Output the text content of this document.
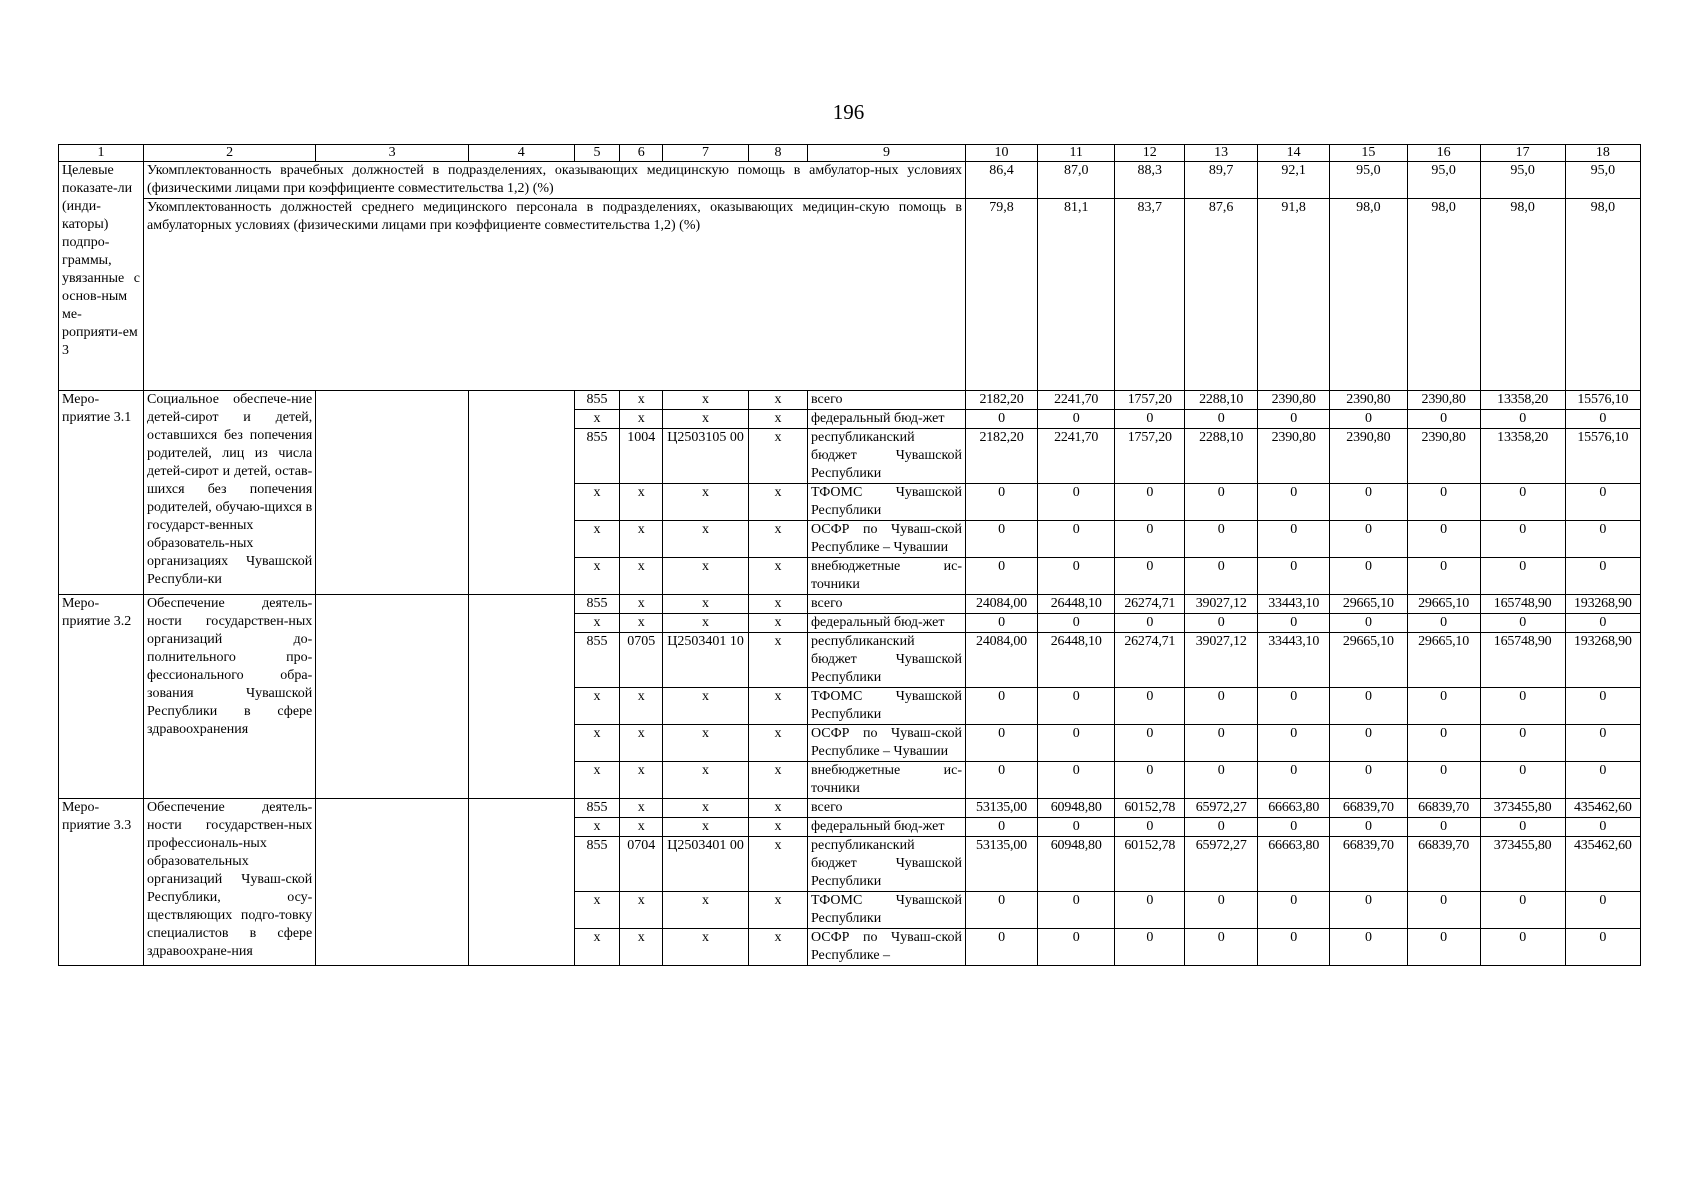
196
1	2	3	4	5	6	7	8	9	10	11	12	13	14	15	16	17	18
Целевые показате-ли (инди-каторы) подпро-граммы, увязанные с основ-ным ме-роприяти-ем 3	Укомплектованность врачебных должностей в подразделениях, оказывающих медицинскую помощь в амбулатор-ных условиях (физическими лицами при коэффициенте совместительства 1,2) (%)								86,4	87,0	88,3	89,7	92,1	95,0	95,0	95,0	95,0
	Укомплектованность должностей среднего медицинского персонала в подразделениях, оказывающих медицин-скую помощь в амбулаторных условиях (физическими лицами при коэффициенте совместительства 1,2) (%)								79,8	81,1	83,7	87,6	91,8	98,0	98,0	98,0	98,0
Меро-приятие 3.1	Социальное обеспече-ние детей-сирот и детей, оставшихся без попечения родителей, лиц из числа детей-сирот и детей, остав-шихся без попечения родителей, обучаю-щихся в государст-венных образователь-ных организациях Чувашской Республи-ки			855	x	x	x	всего	2182,20	2241,70	1757,20	2288,10	2390,80	2390,80	2390,80	13358,20	15576,10
				x	x	x	x	федеральный бюд-жет	0	0	0	0	0	0	0	0	0
				855	1004	Ц2503105 00	x	республиканский бюджет Чувашской Республики	2182,20	2241,70	1757,20	2288,10	2390,80	2390,80	2390,80	13358,20	15576,10
				x	x	x	x	ТФОМС Чувашской Республики	0	0	0	0	0	0	0	0	0
				x	x	x	x	ОСФР по Чуваш-ской Республике – Чувашии	0	0	0	0	0	0	0	0	0
				x	x	x	x	внебюджетные ис-точники	0	0	0	0	0	0	0	0	0
Меро-приятие 3.2	Обеспечение деятель-ности государствен-ных организаций до-полнительного про-фессионального обра-зования Чувашской Республики в сфере здравоохранения			855	x	x	x	всего	24084,00	26448,10	26274,71	39027,12	33443,10	29665,10	29665,10	165748,90	193268,90
				x	x	x	x	федеральный бюд-жет	0	0	0	0	0	0	0	0	0
				855	0705	Ц2503401 10	x	республиканский бюджет Чувашской Республики	24084,00	26448,10	26274,71	39027,12	33443,10	29665,10	29665,10	165748,90	193268,90
				x	x	x	x	ТФОМС Чувашской Республики	0	0	0	0	0	0	0	0	0
				x	x	x	x	ОСФР по Чуваш-ской Республике – Чувашии	0	0	0	0	0	0	0	0	0
				x	x	x	x	внебюджетные ис-точники	0	0	0	0	0	0	0	0	0
Меро-приятие 3.3	Обеспечение деятель-ности государствен-ных профессиональ-ных образовательных организаций Чуваш-ской Республики, осу-ществляющих подго-товку специалистов в сфере здравоохране-ния			855	x	x	x	всего	53135,00	60948,80	60152,78	65972,27	66663,80	66839,70	66839,70	373455,80	435462,60
				x	x	x	x	федеральный бюд-жет	0	0	0	0	0	0	0	0	0
				855	0704	Ц2503401 00	x	республиканский бюджет Чувашской Республики	53135,00	60948,80	60152,78	65972,27	66663,80	66839,70	66839,70	373455,80	435462,60
				x	x	x	x	ТФОМС Чувашской Республики	0	0	0	0	0	0	0	0	0
				x	x	x	x	ОСФР по Чуваш-ской Республике –	0	0	0	0	0	0	0	0	0
